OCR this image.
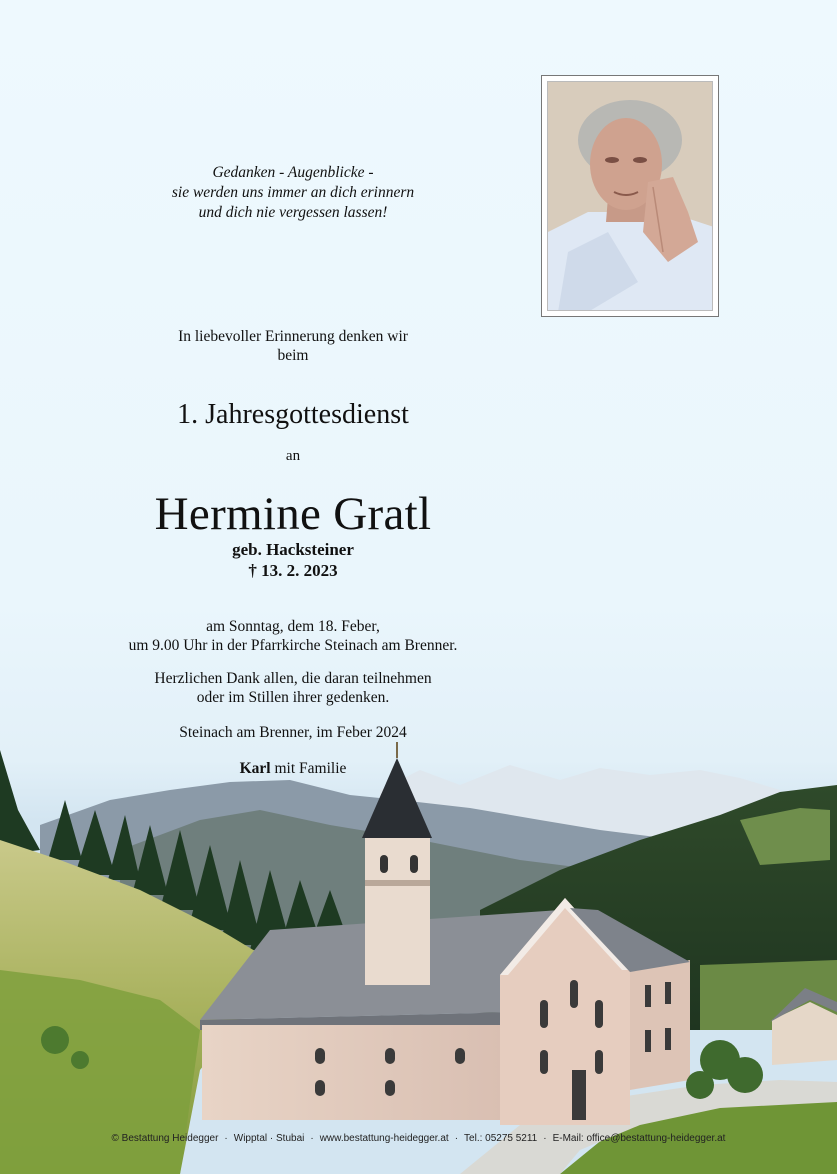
Gedanken - Augenblicke -
sie werden uns immer an dich erinnern
und dich nie vergessen lassen!
In liebevoller Erinnerung denken wir
beim
1. Jahresgottesdienst
an
Hermine Gratl
geb. Hacksteiner
† 13. 2. 2023
am Sonntag, dem 18. Feber,
um 9.00 Uhr in der Pfarrkirche Steinach am Brenner.
Herzlichen Dank allen, die daran teilnehmen
oder im Stillen ihrer gedenken.
Steinach am Brenner, im Feber 2024
Karl mit Familie
© Bestattung Heidegger · Wipptal · Stubai · www.bestattung-heidegger.at · Tel.: 05275 5211 · E-Mail: office@bestattung-heidegger.at
